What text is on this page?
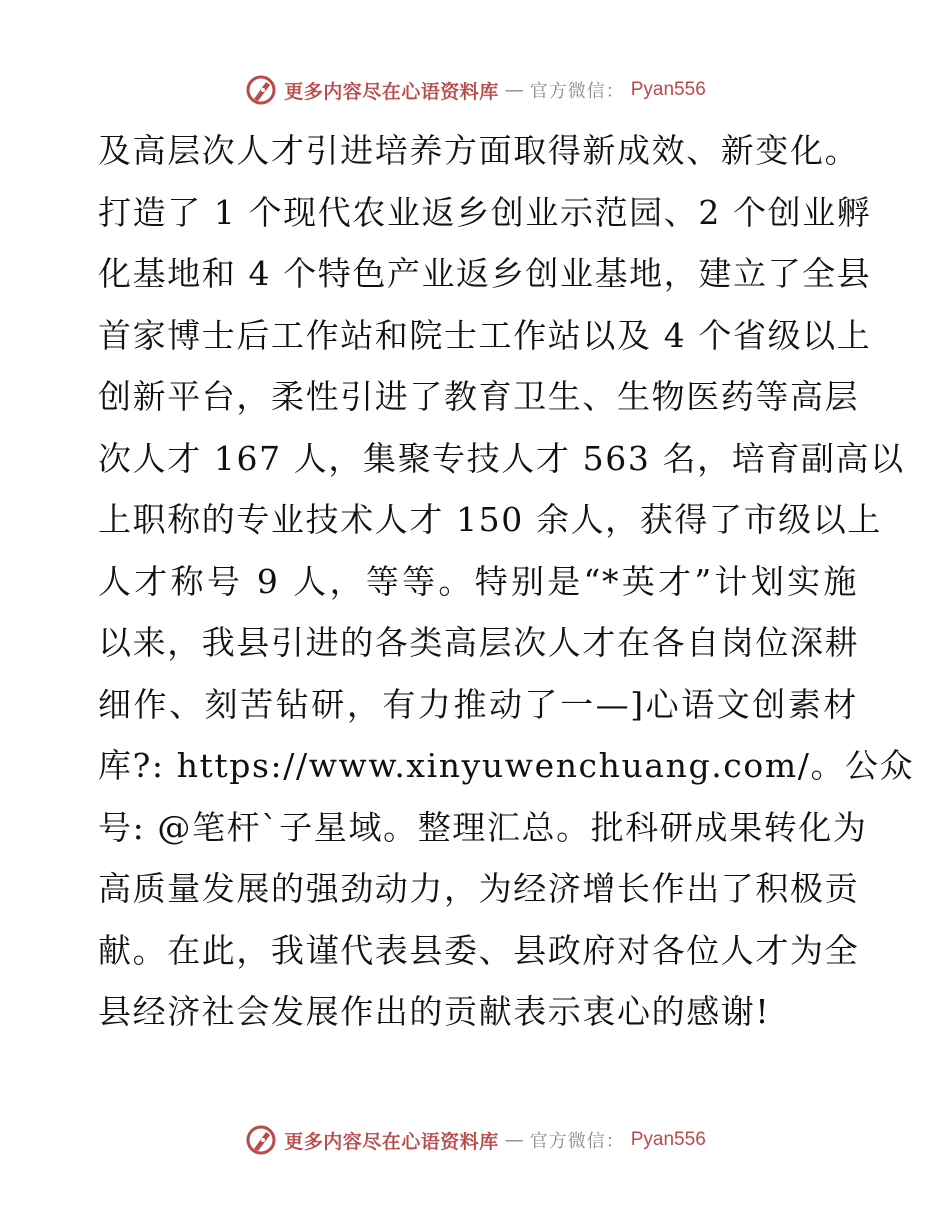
更多内容尽在心语资料库 — 官方微信： Pyan556
及高层次人才引进培养方面取得新成效、新变化。
打造了 1 个现代农业返乡创业示范园、2 个创业孵
化基地和 4 个特色产业返乡创业基地，建立了全县
首家博士后工作站和院士工作站以及 4 个省级以上
创新平台，柔性引进了教育卫生、生物医药等高层
次人才 167 人，集聚专技人才 563 名，培育副高以
上职称的专业技术人才 150 余人，获得了市级以上
人才称号 9 人，等等。特别是“*英才”计划实施
以来，我县引进的各类高层次人才在各自岗位深耕
细作、刻苦钻研，有力推动了一—]心语文创素材
库?: https://www.xinyuwenchuang.com/。公众
号: @笔杆`子星域。整理汇总。批科研成果转化为
高质量发展的强劲动力，为经济增长作出了积极贡
献。在此，我谨代表县委、县政府对各位人才为全
县经济社会发展作出的贡献表示衷心的感谢!
更多内容尽在心语资料库 — 官方微信： Pyan556
